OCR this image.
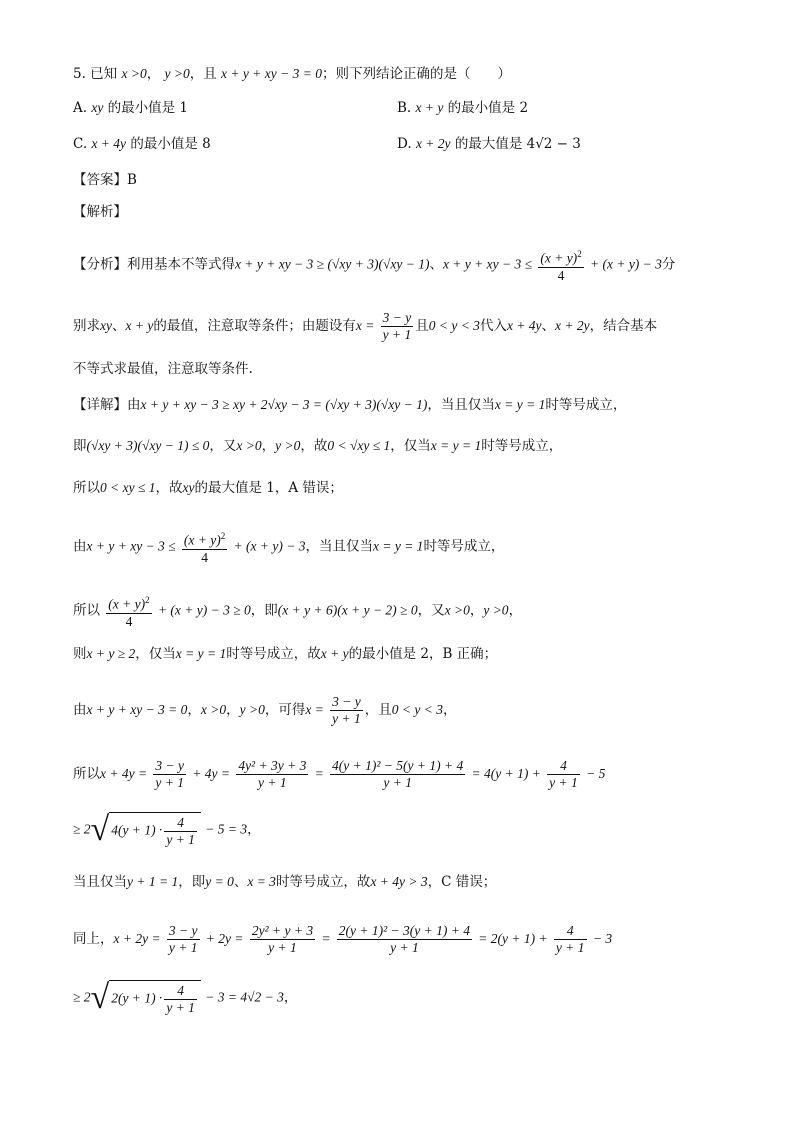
5. 已知 x >0， y >0，且 x + y + xy − 3 = 0；则下列结论正确的是（　　）
A. xy 的最小值是 1	B. x + y 的最小值是 2
C. x + 4y 的最小值是 8	D. x + 2y 的最大值是 4√2 − 3
【答案】B
【解析】
【分析】利用基本不等式得x + y + xy − 3 ≥ (√xy + 3)(√xy − 1)、x + y + xy − $3 \le \frac{(x + y)^2}{4} + (x + y) - 3$分
别求xy、x + y的最值，注意取等条件；由题设有$x = \frac{3 - y}{y + 1}$ 且0 < y < 3代入x + 4y、x + 2y，结合基本
不等式求最值，注意取等条件.
【详解】由x + y + xy − 3 ≥ xy + 2√xy − 3 = (√xy + 3)(√xy − 1)，当且仅当x = y = 1时等号成立，
即(√xy + 3)(√xy − 1) ≤ 0，又x >0，y >0，故0 < √xy ≤ 1，仅当x = y = 1时等号成立，
所以0 < xy ≤ 1，故xy的最大值是 1，A 错误；
由x + y + xy − $3 \le \frac{(x + y)^2}{4} + (x + y) - 3$，当且仅当x = y = 1时等号成立，
所以 $\frac{(x + y)^2}{4} + (x + y) - 3 \ge 0$，即(x + y + 6)(x + y − 2) ≥ 0，又x >0，y >0，
则x + y ≥ 2，仅当x = y = 1时等号成立，故x + y的最小值是 2，B 正确；
由x + y + xy − 3 = 0，x >0，y >0，可得$x = \frac{3 - y}{y + 1}$ ，且0 < y < 3，
所以$x + 4y = \frac{3 - y}{y + 1} + 4y = \frac{\text{4y² + 3y + 3}}{y + 1} = \frac{\text{4(y + 1)² − 5(y + 1) + 4}}{y + 1} = 4(y + 1) + \frac{4}{y + 1} - 5$
≥ 2√ $4(y + 1) \cdot \frac{4}{y + 1} - 5 = 3$，
当且仅当y + 1 = 1，即y = 0、x = 3时等号成立，故x + 4y > 3，C 错误；
同上，$x + 2y = \frac{3 - y}{y + 1} + 2y = \frac{\text{2y² + y + 3}}{y + 1} = \frac{\text{2(y + 1)² − 3(y + 1) + 4}}{y + 1} = 2(y + 1) + \frac{4}{y + 1} - 3$
≥ 2√ $2(y + 1) \cdot \frac{4}{y + 1} - 3 = 4√2 - 3$，
